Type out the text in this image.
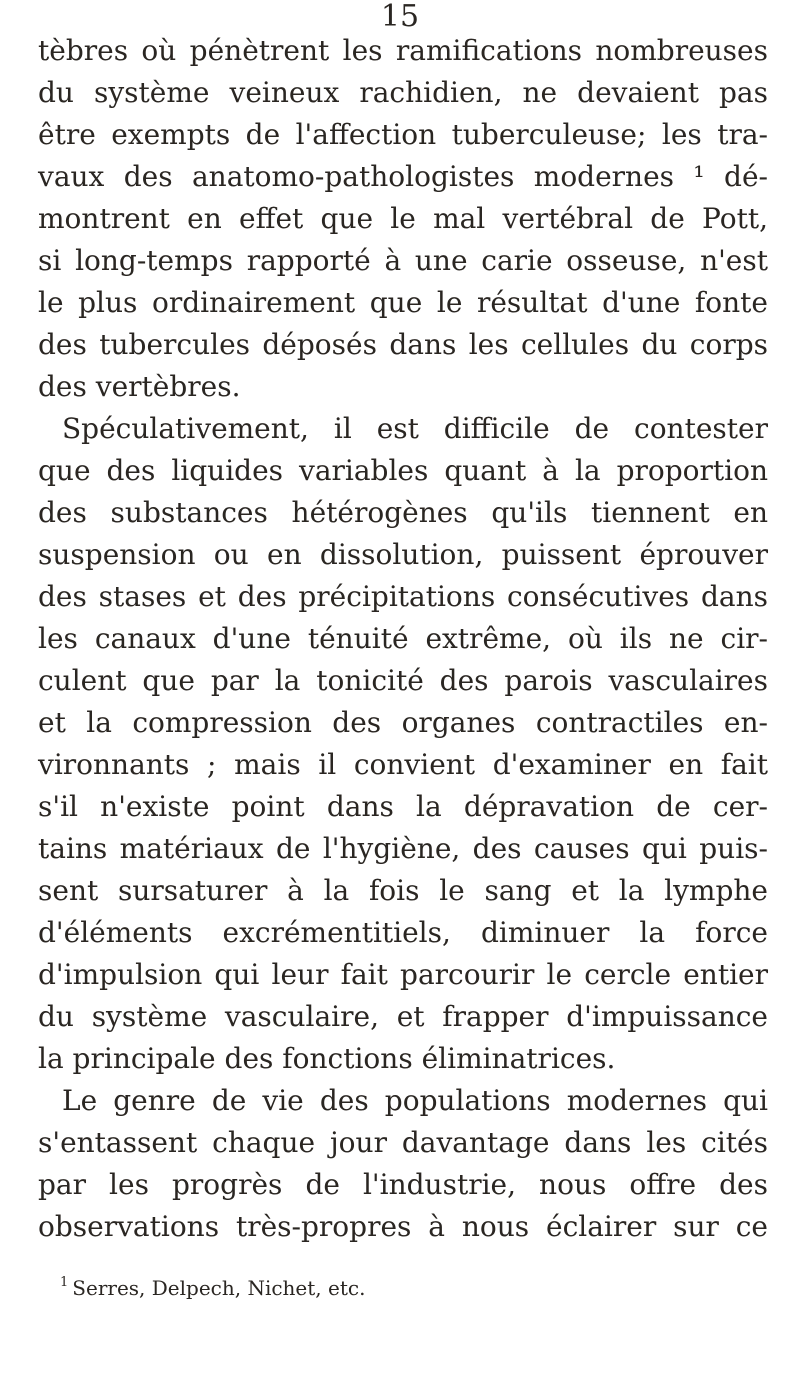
15
tèbres où pénètrent les ramifications nombreuses
du système veineux rachidien, ne devaient pas
être exempts de l'affection tuberculeuse; les tra-
vaux des anatomo-pathologistes modernes ¹ dé-
montrent en effet que le mal vertébral de Pott,
si long-temps rapporté à une carie osseuse, n'est
le plus ordinairement que le résultat d'une fonte
des tubercules déposés dans les cellules du corps
des vertèbres.
Spéculativement, il est difficile de contester
que des liquides variables quant à la proportion
des substances hétérogènes qu'ils tiennent en
suspension ou en dissolution, puissent éprouver
des stases et des précipitations consécutives dans
les canaux d'une ténuité extrême, où ils ne cir-
culent que par la tonicité des parois vasculaires
et la compression des organes contractiles en-
vironnants ; mais il convient d'examiner en fait
s'il n'existe point dans la dépravation de cer-
tains matériaux de l'hygiène, des causes qui puis-
sent sursaturer à la fois le sang et la lymphe
d'éléments excrémentitiels, diminuer la force
d'impulsion qui leur fait parcourir le cercle entier
du système vasculaire, et frapper d'impuissance
la principale des fonctions éliminatrices.
Le genre de vie des populations modernes qui
s'entassent chaque jour davantage dans les cités
par les progrès de l'industrie, nous offre des
observations très-propres à nous éclairer sur ce
$^1$ Serres, Delpech, Nichet, etc.
